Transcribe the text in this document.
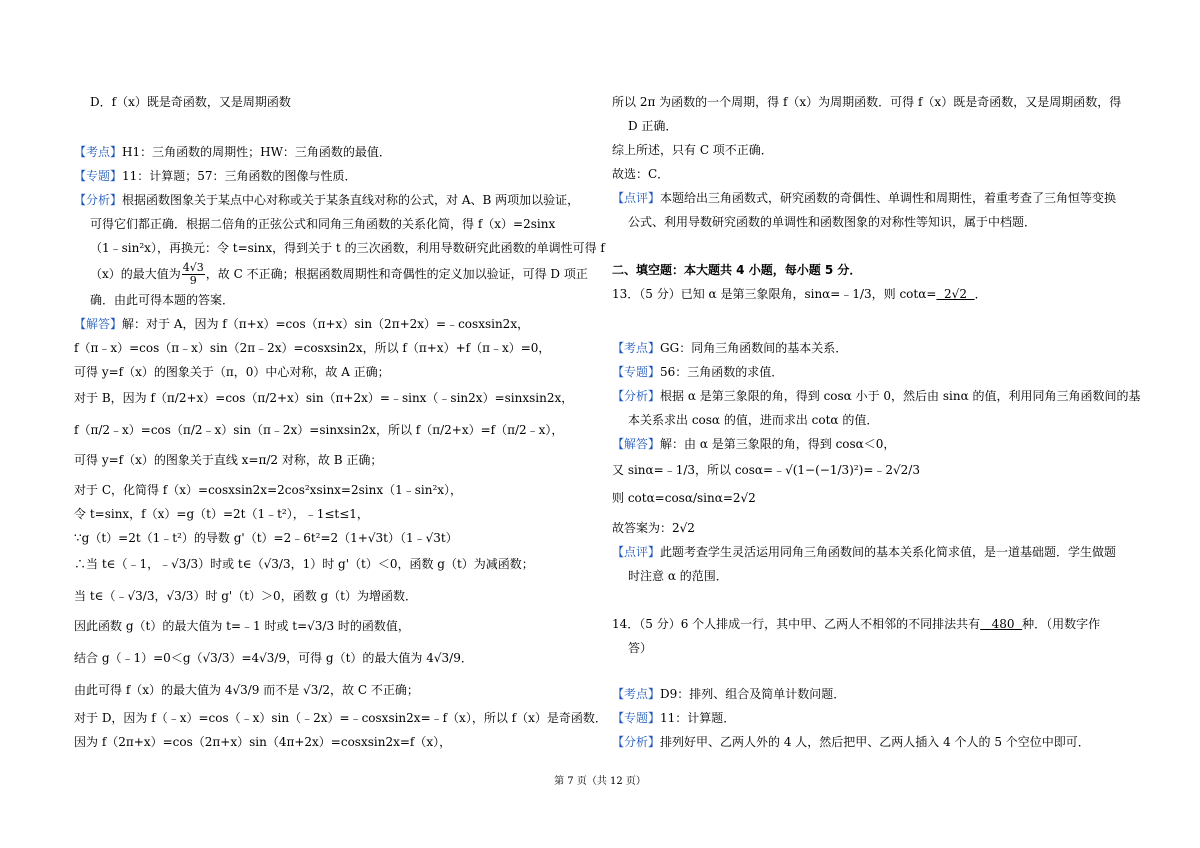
D．f（x）既是奇函数，又是周期函数
【考点】H1：三角函数的周期性；HW：三角函数的最值．
【专题】11：计算题；57：三角函数的图像与性质．
【分析】根据函数图象关于某点中心对称或关于某条直线对称的公式，对 A、B 两项加以验证，
可得它们都正确．根据二倍角的正弦公式和同角三角函数的关系化简，得 f（x）=2sinx
（1﹣sin²x），再换元：令 t=sinx，得到关于 t 的三次函数，利用导数研究此函数的单调性可得 f
（x）的最大值为 $\frac{4√3}{9}$ ，故 C 不正确；根据函数周期性和奇偶性的定义加以验证，可得 D 项正
确．由此可得本题的答案．
【解答】解：对于 A，因为 f（π+x）=cos（π+x）sin（2π+2x）=﹣cosxsin2x，
f（π﹣x）=cos（π﹣x）sin（2π﹣2x）=cosxsin2x，所以 f（π+x）+f（π﹣x）=0，
可得 y=f（x）的图象关于（π，0）中心对称，故 A 正确；
对于 B，因为 f（π/2+x）=cos（π/2+x）sin（π+2x）=﹣sinx（﹣sin2x）=sinxsin2x，
f（π/2﹣x）=cos（π/2﹣x）sin（π﹣2x）=sinxsin2x，所以 f（π/2+x）=f（π/2﹣x），
可得 y=f（x）的图象关于直线 x=π/2 对称，故 B 正确；
对于 C，化简得 f（x）=cosxsin2x=2cos²xsinx=2sinx（1﹣sin²x），
令 t=sinx，f（x）=g（t）=2t（1﹣t²），﹣1≤t≤1，
∵g（t）=2t（1﹣t²）的导数 g'（t）=2﹣6t²=2（1+√3t）（1﹣√3t）
∴当 t∈（﹣1，﹣√3/3）时或 t∈（√3/3，1）时 g'（t）＜0，函数 g（t）为减函数；
当 t∈（﹣√3/3，√3/3）时 g'（t）＞0，函数 g（t）为增函数．
因此函数 g（t）的最大值为 t=﹣1 时或 t=√3/3 时的函数值，
结合 g（﹣1）=0＜g（√3/3）=4√3/9，可得 g（t）的最大值为 4√3/9．
由此可得 f（x）的最大值为 4√3/9 而不是 √3/2，故 C 不正确；
对于 D，因为 f（﹣x）=cos（﹣x）sin（﹣2x）=﹣cosxsin2x=﹣f（x），所以 f（x）是奇函数．
因为 f（2π+x）=cos（2π+x）sin（4π+2x）=cosxsin2x=f（x），
所以 2π 为函数的一个周期，得 f（x）为周期函数．可得 f（x）既是奇函数，又是周期函数，得
D 正确．
综上所述，只有 C 项不正确．
故选：C．
【点评】本题给出三角函数式，研究函数的奇偶性、单调性和周期性，着重考查了三角恒等变换
公式、利用导数研究函数的单调性和函数图象的对称性等知识，属于中档题．
二、填空题：本大题共 4 小题，每小题 5 分．
13．（5 分）已知 α 是第三象限角，sinα=﹣1/3，则 cotα= 2√2 ．
【考点】GG：同角三角函数间的基本关系．
【专题】56：三角函数的求值．
【分析】根据 α 是第三象限的角，得到 cosα 小于 0，然后由 sinα 的值，利用同角三角函数间的基
本关系求出 cosα 的值，进而求出 cotα 的值．
【解答】解：由 α 是第三象限的角，得到 cosα＜0，
又 sinα=﹣1/3，所以 cosα=﹣√(1−(−1/3)²)=﹣2√2/3
则 cotα=cosα/sinα=2√2
故答案为：2√2
【点评】此题考查学生灵活运用同角三角函数间的基本关系化简求值，是一道基础题．学生做题
时注意 α 的范围．
14．（5 分）6 个人排成一行，其中甲、乙两人不相邻的不同排法共有 480 种．（用数字作
答）
【考点】D9：排列、组合及简单计数问题．
【专题】11：计算题．
【分析】排列好甲、乙两人外的 4 人，然后把甲、乙两人插入 4 个人的 5 个空位中即可．
第 7 页（共 12 页）
